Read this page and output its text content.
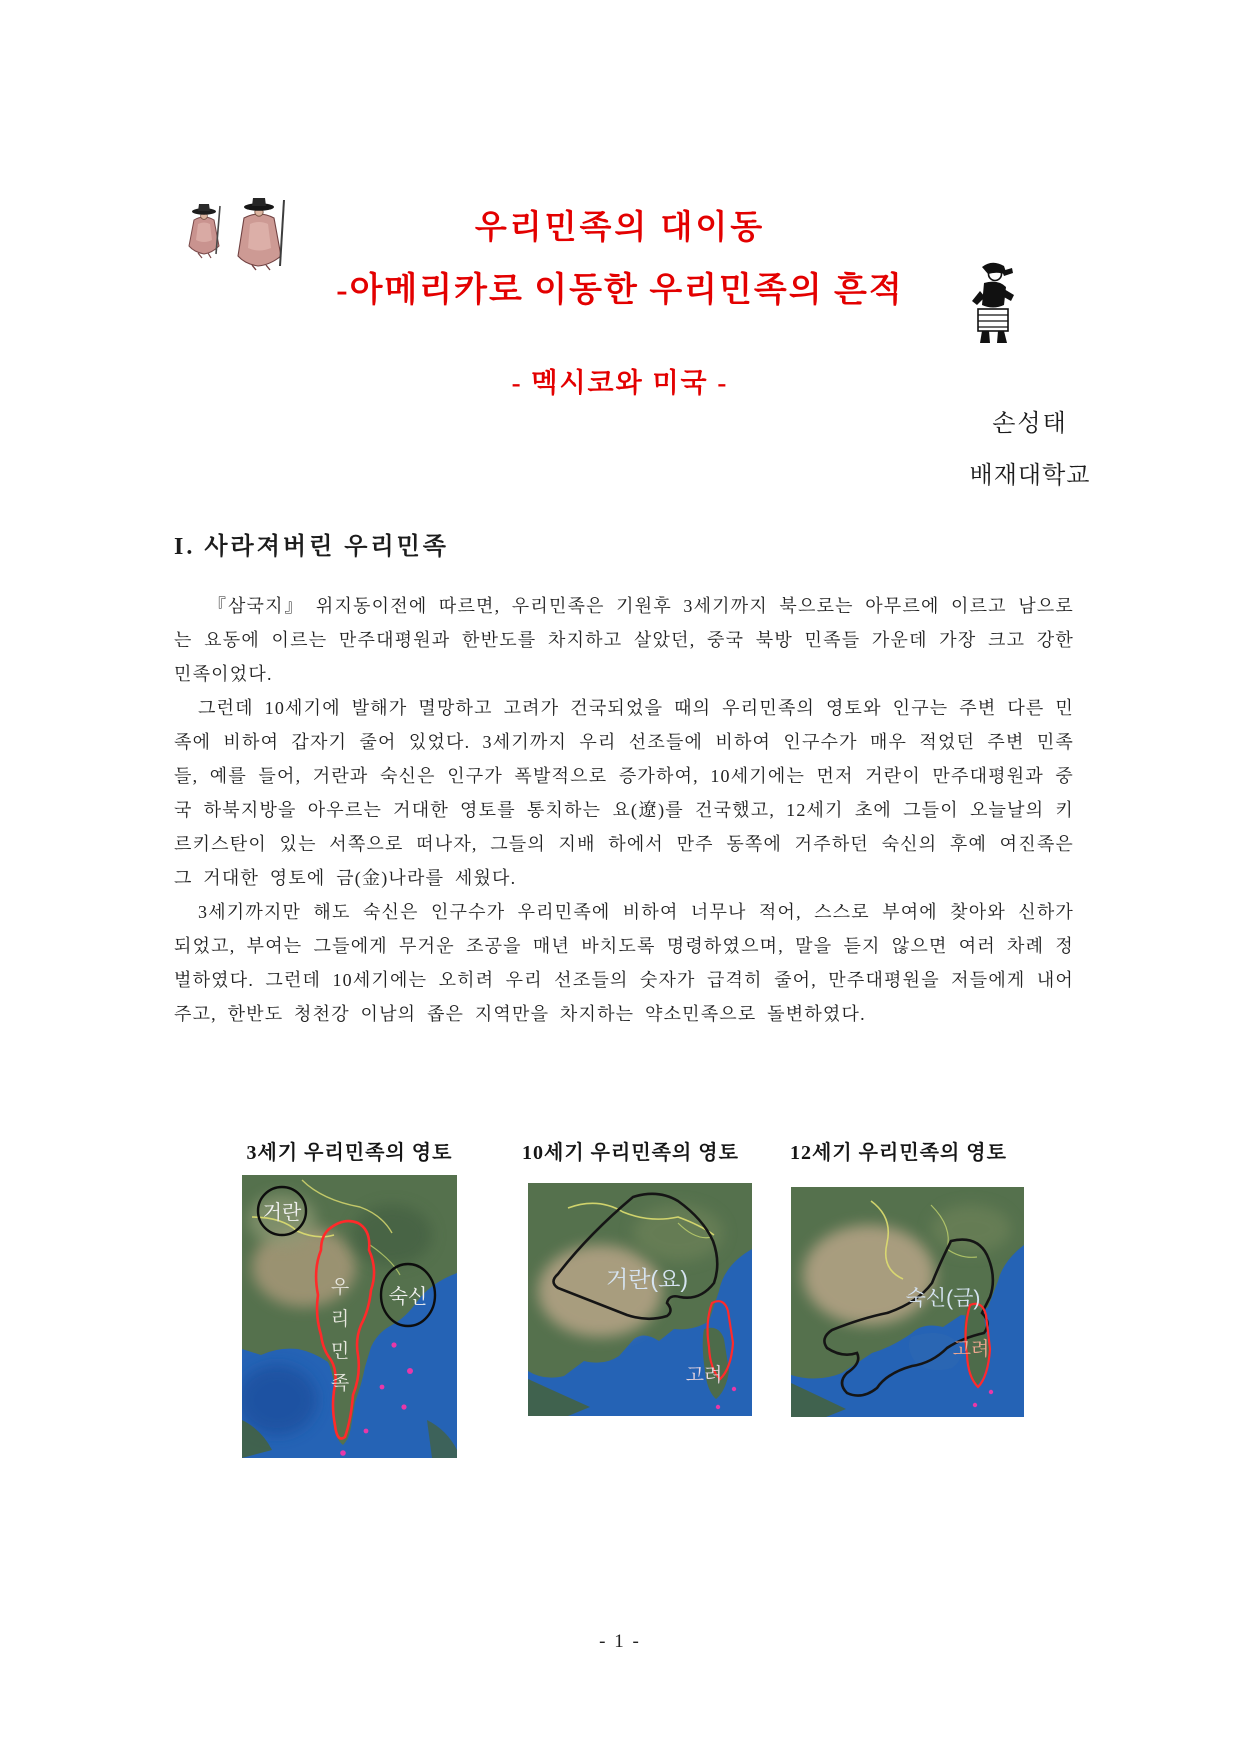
우리민족의 대이동
-아메리카로 이동한 우리민족의 흔적
- 멕시코와 미국 -
손성태
배재대학교
I. 사라져버린 우리민족

『삼국지』 위지동이전에 따르면, 우리민족은 기원후 3세기까지 북으로는 아무르에 이르고 남으로는 요동에 이르는 만주대평원과 한반도를 차지하고 살았던, 중국 북방 민족들 가운데 가장 크고 강한 민족이었다.

그런데 10세기에 발해가 멸망하고 고려가 건국되었을 때의 우리민족의 영토와 인구는 주변 다른 민족에 비하여 갑자기 줄어 있었다. 3세기까지 우리 선조들에 비하여 인구수가 매우 적었던 주변 민족들, 예를 들어, 거란과 숙신은 인구가 폭발적으로 증가하여, 10세기에는 먼저 거란이 만주대평원과 중국 하북지방을 아우르는 거대한 영토를 통치하는 요(遼)를 건국했고, 12세기 초에 그들이 오늘날의 키르키스탄이 있는 서쪽으로 떠나자, 그들의 지배 하에서 만주 동쪽에 거주하던 숙신의 후예 여진족은 그 거대한 영토에 금(金)나라를 세웠다.

3세기까지만 해도 숙신은 인구수가 우리민족에 비하여 너무나 적어, 스스로 부여에 찾아와 신하가 되었고, 부여는 그들에게 무거운 조공을 매년 바치도록 명령하였으며, 말을 듣지 않으면 여러 차례 정벌하였다. 그런데 10세기에는 오히려 우리 선조들의 숫자가 급격히 줄어, 만주대평원을 저들에게 내어주고, 한반도 청천강 이남의 좁은 지역만을 차지하는 약소민족으로 돌변하였다.

3세기 우리민족의 영토	10세기 우리민족의 영토	12세기 우리민족의 영토
거란
숙신
우
리
민
족
거란(요)
고려
숙신(금)
고려
- 1 -
